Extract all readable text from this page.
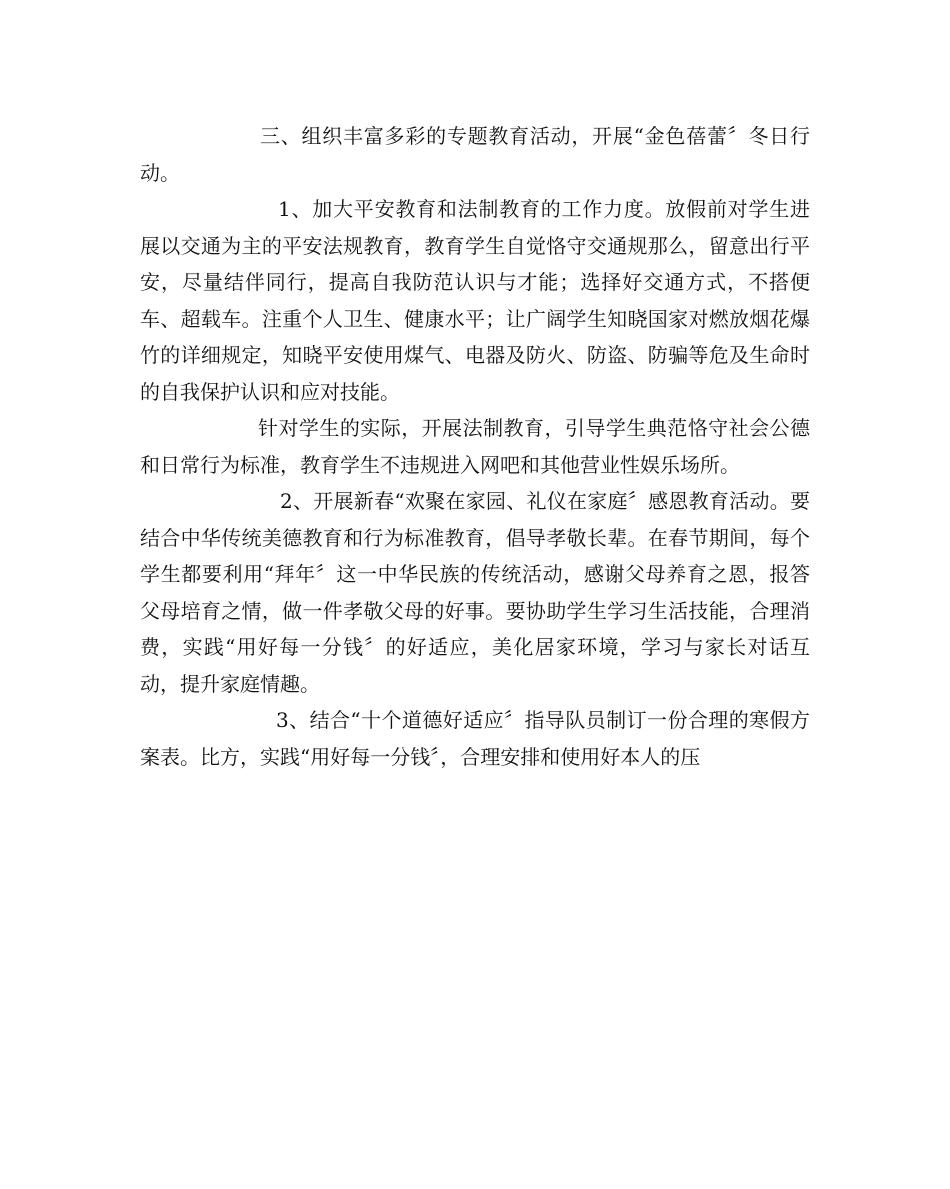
三、组织丰富多彩的专题教育活动，开展“金色蓓蕾〞冬日行动。

1、加大平安教育和法制教育的工作力度。放假前对学生进展以交通为主的平安法规教育，教育学生自觉恪守交通规那么，留意出行平安，尽量结伴同行，提高自我防范认识与才能；选择好交通方式，不搭便车、超载车。注重个人卫生、健康水平；让广阔学生知晓国家对燃放烟花爆竹的详细规定，知晓平安使用煤气、电器及防火、防盗、防骗等危及生命时的自我保护认识和应对技能。

针对学生的实际，开展法制教育，引导学生典范恪守社会公德和日常行为标准，教育学生不违规进入网吧和其他营业性娱乐场所。

2、开展新春“欢聚在家园、礼仪在家庭〞感恩教育活动。要结合中华传统美德教育和行为标准教育，倡导孝敬长辈。在春节期间，每个学生都要利用“拜年〞这一中华民族的传统活动，感谢父母养育之恩，报答父母培育之情，做一件孝敬父母的好事。要协助学生学习生活技能，合理消费，实践“用好每一分钱〞的好适应，美化居家环境，学习与家长对话互动，提升家庭情趣。

3、结合“十个道德好适应〞指导队员制订一份合理的寒假方案表。比方，实践“用好每一分钱〞，合理安排和使用好本人的压
